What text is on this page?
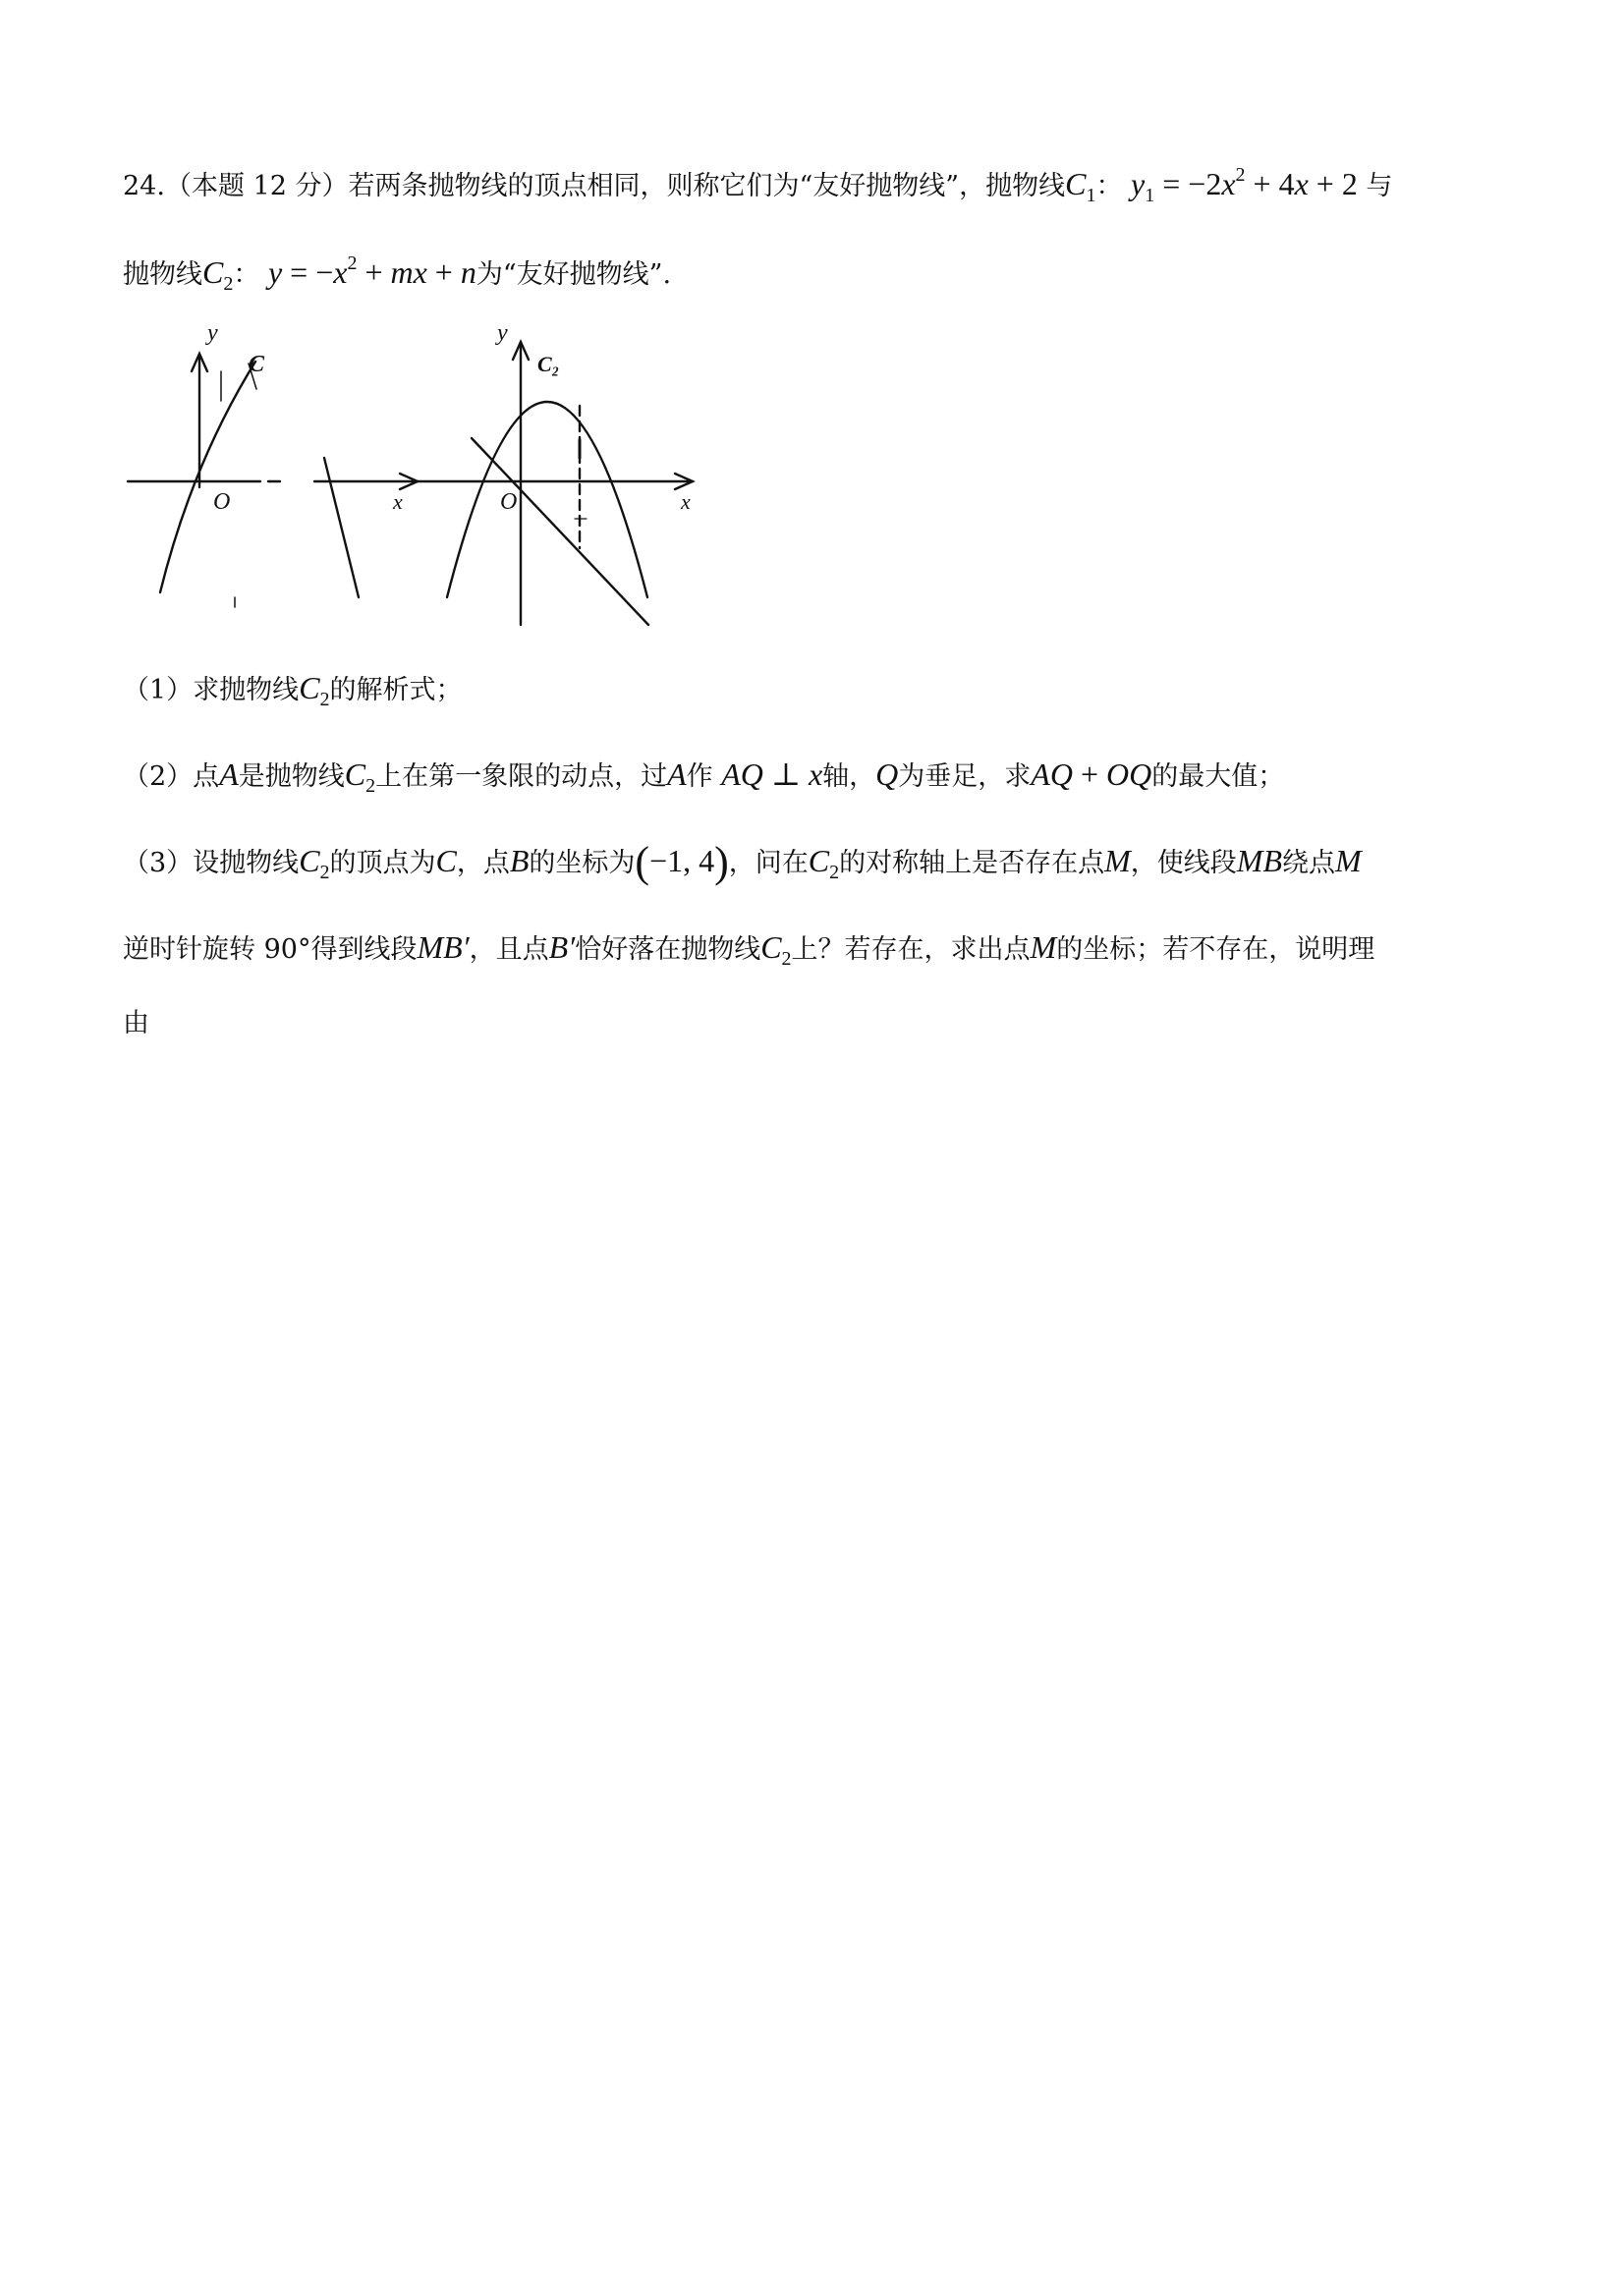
24.（本题 12 分）若两条抛物线的顶点相同，则称它们为“友好抛物线”，抛物线$C_1$： $y_1 = -2x^2 + 4x + 2$ 与
抛物线$C_2$： $y = -x^2$ + mx + n为“友好抛物线”.
y
O
C
x
y
O
C₂
x
（1）求抛物线$C_2$的解析式；
（2）点A是抛物线$C_2$上在第一象限的动点，过A作 AQ ⊥ x轴，Q为垂足，求AQ + OQ的最大值；
（3）设抛物线$C_2$的顶点为C，点B的坐标为(−1, 4)，问在$C_2$的对称轴上是否存在点M，使线段MB绕点M
逆时针旋转 90°得到线段MB′，且点B′恰好落在抛物线$C_2$上？若存在，求出点M的坐标；若不存在，说明理
由
